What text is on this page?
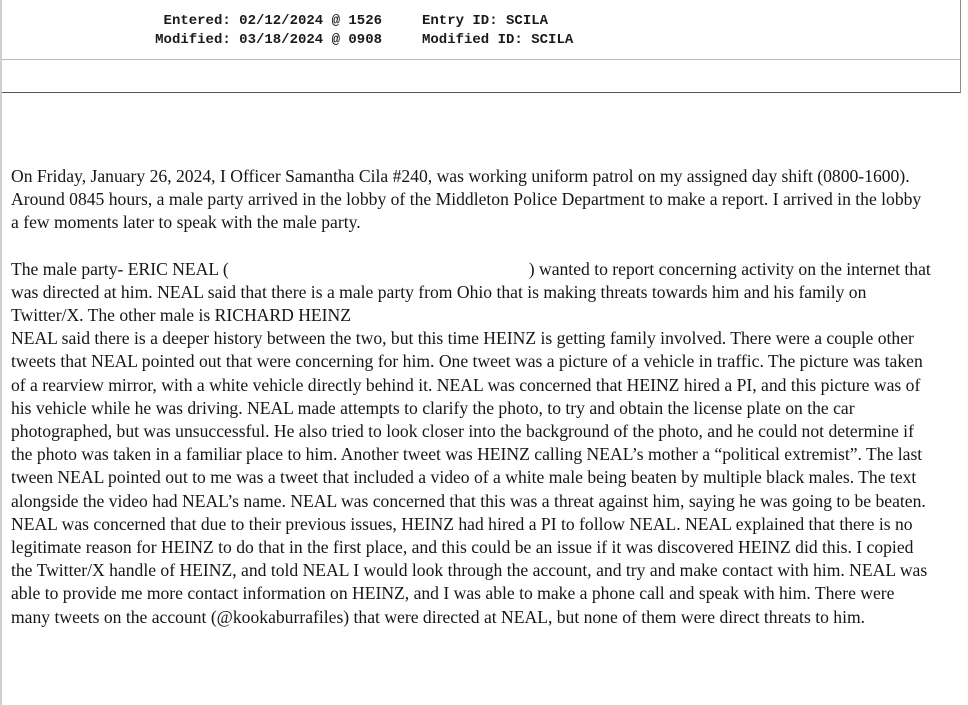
Entered: 02/12/2024 @ 1526	Entry ID: SCILA
Modified: 03/18/2024 @ 0908	Modified ID: SCILA

On Friday, January 26, 2024, I Officer Samantha Cila #240, was working uniform patrol on my assigned day shift (0800-1600). Around 0845 hours, a male party arrived in the lobby of the Middleton Police Department to make a report. I arrived in the lobby a few moments later to speak with the male party.

The male party- ERIC NEAL (	) wanted to report concerning activity on the internet that was directed at him. NEAL said that there is a male party from Ohio that is making threats towards him and his family on Twitter/X. The other male is RICHARD HEINZ
NEAL said there is a deeper history between the two, but this time HEINZ is getting family involved. There were a couple other tweets that NEAL pointed out that were concerning for him. One tweet was a picture of a vehicle in traffic. The picture was taken of a rearview mirror, with a white vehicle directly behind it. NEAL was concerned that HEINZ hired a PI, and this picture was of his vehicle while he was driving. NEAL made attempts to clarify the photo, to try and obtain the license plate on the car photographed, but was unsuccessful. He also tried to look closer into the background of the photo, and he could not determine if the photo was taken in a familiar place to him. Another tweet was HEINZ calling NEAL’s mother a “political extremist”. The last tween NEAL pointed out to me was a tweet that included a video of a white male being beaten by multiple black males. The text alongside the video had NEAL’s name. NEAL was concerned that this was a threat against him, saying he was going to be beaten. NEAL was concerned that due to their previous issues, HEINZ had hired a PI to follow NEAL. NEAL explained that there is no legitimate reason for HEINZ to do that in the first place, and this could be an issue if it was discovered HEINZ did this. I copied the Twitter/X handle of HEINZ, and told NEAL I would look through the account, and try and make contact with him. NEAL was able to provide me more contact information on HEINZ, and I was able to make a phone call and speak with him. There were many tweets on the account (@kookaburrafiles) that were directed at NEAL, but none of them were direct threats to him.
